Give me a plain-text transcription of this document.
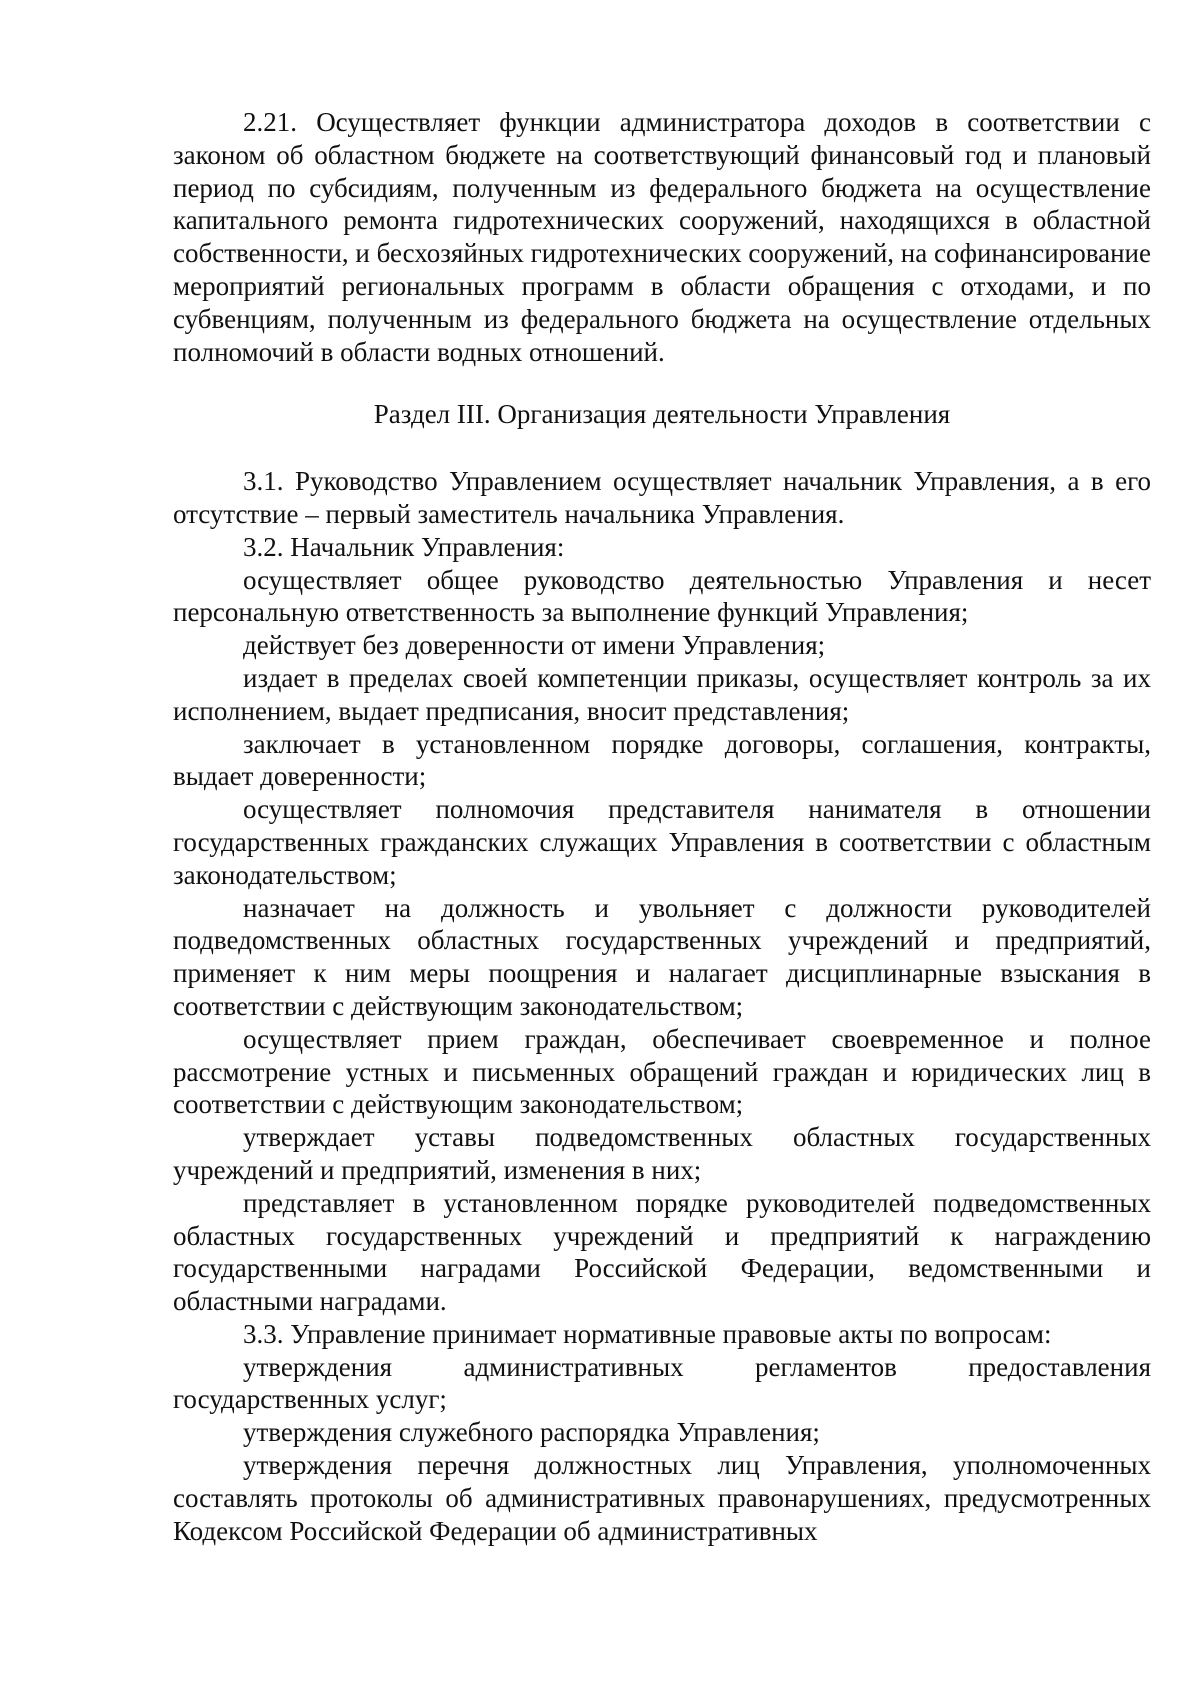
2.21. Осуществляет функции администратора доходов в соответствии с законом об областном бюджете на соответствующий финансовый год и плановый период по субсидиям, полученным из федерального бюджета на осуществление капитального ремонта гидротехнических сооружений, находящихся в областной собственности, и бесхозяйных гидротехнических сооружений, на софинансирование мероприятий региональных программ в области обращения с отходами, и по субвенциям, полученным из федерального бюджета на осуществление отдельных полномочий в области водных отношений.

Раздел III. Организация деятельности Управления

3.1. Руководство Управлением осуществляет начальник Управления, а в его отсутствие – первый заместитель начальника Управления.

3.2. Начальник Управления:

осуществляет общее руководство деятельностью Управления и несет персональную ответственность за выполнение функций Управления;

действует без доверенности от имени Управления;

издает в пределах своей компетенции приказы, осуществляет контроль за их исполнением, выдает предписания, вносит представления;

заключает в установленном порядке договоры, соглашения, контракты, выдает доверенности;

осуществляет полномочия представителя нанимателя в отношении государственных гражданских служащих Управления в соответствии с областным законодательством;

назначает на должность и увольняет с должности руководителей подведомственных областных государственных учреждений и предприятий, применяет к ним меры поощрения и налагает дисциплинарные взыскания в соответствии с действующим законодательством;

осуществляет прием граждан, обеспечивает своевременное и полное рассмотрение устных и письменных обращений граждан и юридических лиц в соответствии с действующим законодательством;

утверждает уставы подведомственных областных государственных учреждений и предприятий, изменения в них;

представляет в установленном порядке руководителей подведомственных областных государственных учреждений и предприятий к награждению государственными наградами Российской Федерации, ведомственными и областными наградами.

3.3. Управление принимает нормативные правовые акты по вопросам:

утверждения административных регламентов предоставления государственных услуг;

утверждения служебного распорядка Управления;

утверждения перечня должностных лиц Управления, уполномоченных составлять протоколы об административных правонарушениях, предусмотренных Кодексом Российской Федерации об административных
